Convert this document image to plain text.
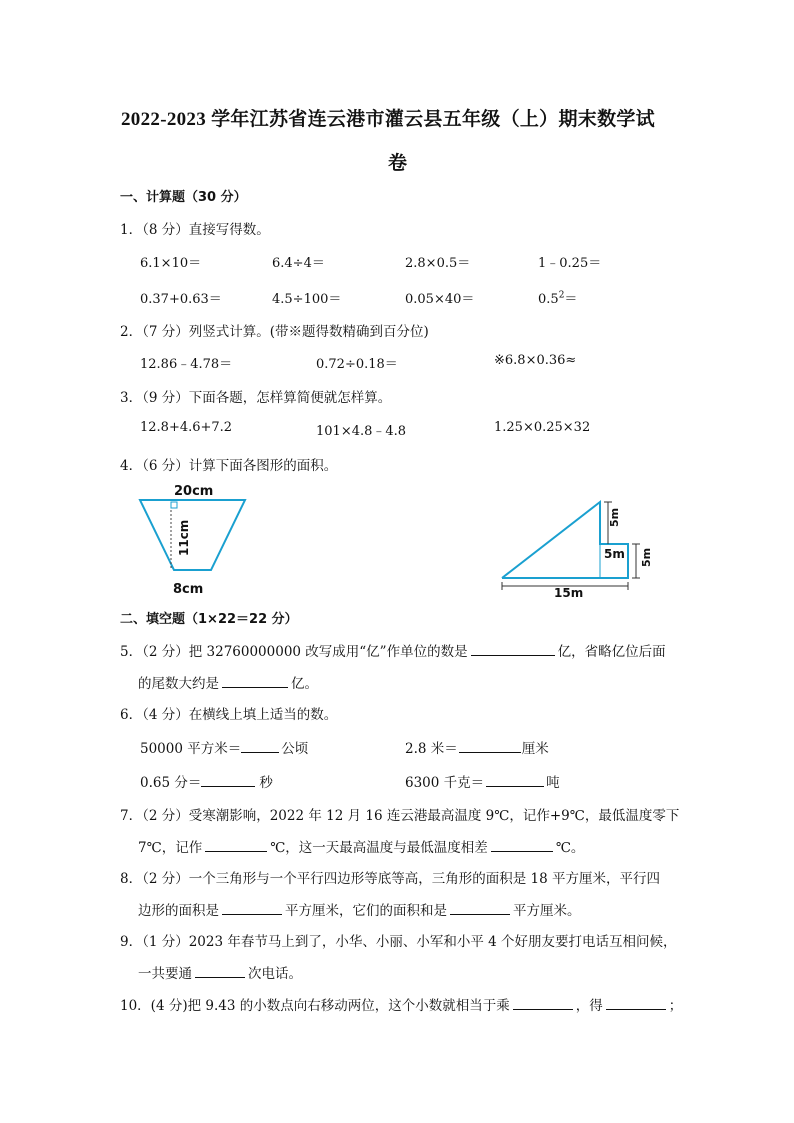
2022-2023 学年江苏省连云港市灌云县五年级（上）期末数学试
卷
一、计算题（30 分）
1．（8 分）直接写得数。
6.1×10＝	6.4÷4＝	2.8×0.5＝	1﹣0.25＝
0.37+0.63＝	4.5÷100＝	0.05×40＝	$0.5^2=$
2．（7 分）列竖式计算。(带※题得数精确到百分位)
12.86﹣4.78＝	0.72÷0.18＝	※6.8×0.36≈
3．（9 分）下面各题，怎样算简便就怎样算。
12.8+4.6+7.2	101×4.8﹣4.8	1.25×0.25×32
4．（6 分）计算下面各图形的面积。
20cm
11cm
8cm
5m
5m 5m
15m
二、填空题（1×22＝22 分）
5．（2 分）把 32760000000 改写成用“亿”作单位的数是	亿，省略亿位后面
的尾数大约是	亿。
6．（4 分）在横线上填上适当的数。
50000 平方米＝	公顷	2.8 米＝	厘米
0.65 分＝	秒	6300 千克＝	吨
7．（2 分）受寒潮影响，2022 年 12 月 16 连云港最高温度 9℃，记作+9℃，最低温度零下
7℃，记作	℃，这一天最高温度与最低温度相差	℃。
8．（2 分）一个三角形与一个平行四边形等底等高，三角形的面积是 18 平方厘米，平行四
边形的面积是	平方厘米，它们的面积和是	平方厘米。
9．（1 分）2023 年春节马上到了，小华、小丽、小军和小平 4 个好朋友要打电话互相问候，
一共要通	次电话。
10．(4 分)把 9.43 的小数点向右移动两位，这个小数就相当于乘	，得	；
